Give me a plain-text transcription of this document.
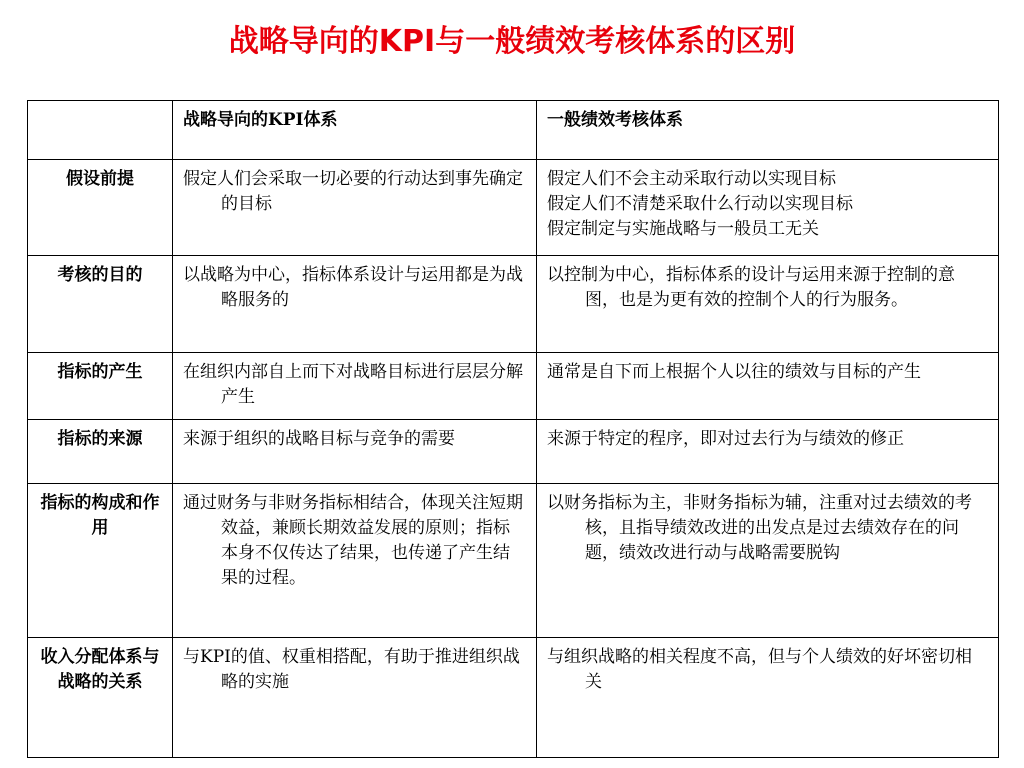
战略导向的KPI与一般绩效考核体系的区别
	战略导向的KPI体系	一般绩效考核体系
假设前提	假定人们会采取一切必要的行动达到事先确定的目标	假定人们不会主动采取行动以实现目标
假定人们不清楚采取什么行动以实现目标
假定制定与实施战略与一般员工无关

考核的目的	以战略为中心，指标体系设计与运用都是为战略服务的	以控制为中心，指标体系的设计与运用来源于控制的意图，也是为更有效的控制个人的行为服务。
指标的产生	在组织内部自上而下对战略目标进行层层分解产生	通常是自下而上根据个人以往的绩效与目标的产生
指标的来源	来源于组织的战略目标与竞争的需要	来源于特定的程序，即对过去行为与绩效的修正
指标的构成和作用	通过财务与非财务指标相结合，体现关注短期效益，兼顾长期效益发展的原则；指标本身不仅传达了结果，也传递了产生结果的过程。	以财务指标为主，非财务指标为辅，注重对过去绩效的考核，且指导绩效改进的出发点是过去绩效存在的问题，绩效改进行动与战略需要脱钩
收入分配体系与战略的关系	与KPI的值、权重相搭配，有助于推进组织战略的实施	与组织战略的相关程度不高，但与个人绩效的好坏密切相关
